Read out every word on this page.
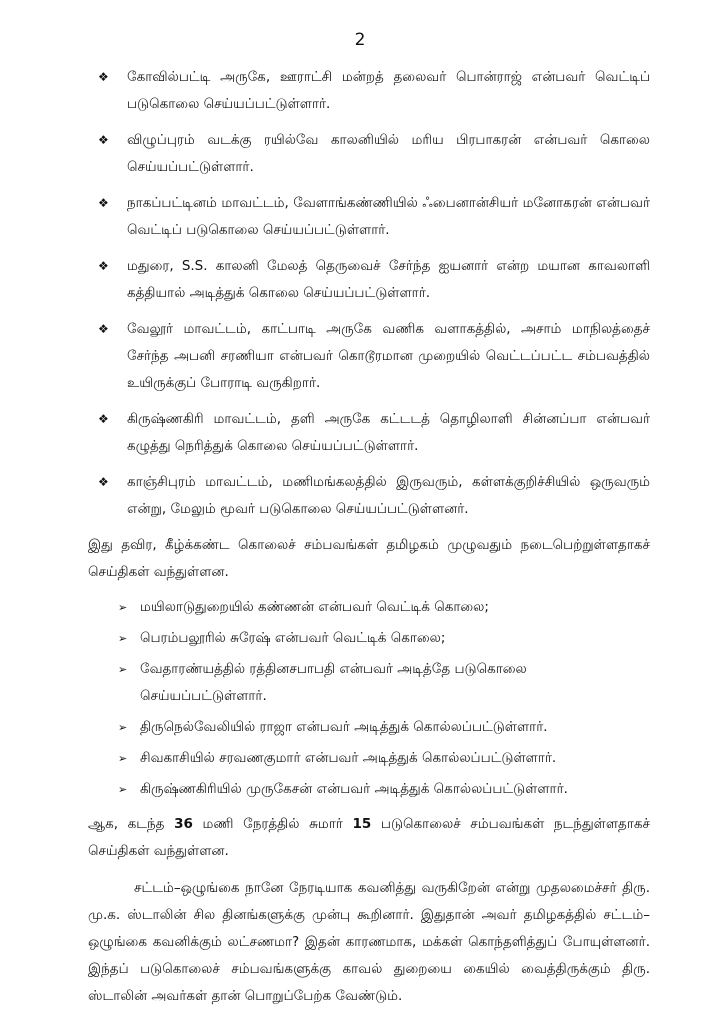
2
❖ கோவில்பட்டி அருகே, ஊராட்சி மன்றத் தலைவர் பொன்ராஜ் என்பவர் வெட்டிப் படுகொலை செய்யப்பட்டுள்ளார்.
❖ விழுப்புரம் வடக்கு ரயில்வே காலனியில் மரிய பிரபாகரன் என்பவர் கொலை செய்யப்பட்டுள்ளார்.
❖ நாகப்பட்டினம் மாவட்டம், வேளாங்கண்ணியில் ஃபைனான்சியர் மனோகரன் என்பவர் வெட்டிப் படுகொலை செய்யப்பட்டுள்ளார்.
❖ மதுரை, S.S. காலனி மேலத் தெருவைச் சேர்ந்த ஐயனார் என்ற மயான காவலாளி கத்தியால் அடித்துக் கொலை செய்யப்பட்டுள்ளார்.
❖ வேலூர் மாவட்டம், காட்பாடி அருகே வணிக வளாகத்தில், அசாம் மாநிலத்தைச் சேர்ந்த அபனி சரணியா என்பவர் கொடூரமான முறையில் வெட்டப்பட்ட சம்பவத்தில் உயிருக்குப் போராடி வருகிறார்.
❖ கிருஷ்ணகிரி மாவட்டம், தளி அருகே கட்டடத் தொழிலாளி சின்னப்பா என்பவர் கழுத்து நெரித்துக் கொலை செய்யப்பட்டுள்ளார்.
❖ காஞ்சிபுரம் மாவட்டம், மணிமங்கலத்தில் இருவரும், கள்ளக்குறிச்சியில் ஒருவரும் என்று, மேலும் மூவர் படுகொலை செய்யப்பட்டுள்ளனர்.

இது தவிர, கீழ்க்கண்ட கொலைச் சம்பவங்கள் தமிழகம் முழுவதும் நடைபெற்றுள்ளதாகச் செய்திகள் வந்துள்ளன.

➢ மயிலாடுதுறையில் கண்ணன் என்பவர் வெட்டிக் கொலை;
➢ பெரம்பலூரில் சுரேஷ் என்பவர் வெட்டிக் கொலை;
➢ வேதாரண்யத்தில் ரத்தினசபாபதி என்பவர் அடித்தே படுகொலை செய்யப்பட்டுள்ளார்.
➢ திருநெல்வேலியில் ராஜா என்பவர் அடித்துக் கொல்லப்பட்டுள்ளார்.
➢ சிவகாசியில் சரவணகுமார் என்பவர் அடித்துக் கொல்லப்பட்டுள்ளார்.
➢ கிருஷ்ணகிரியில் முருகேசன் என்பவர் அடித்துக் கொல்லப்பட்டுள்ளார்.

ஆக, கடந்த 36 மணி நேரத்தில் சுமார் 15 படுகொலைச் சம்பவங்கள் நடந்துள்ளதாகச் செய்திகள் வந்துள்ளன.

சட்டம்–ஒழுங்கை நானே நேரடியாக கவனித்து வருகிறேன் என்று முதலமைச்சர் திரு. மு.க. ஸ்டாலின் சில தினங்களுக்கு முன்பு கூறினார். இதுதான் அவர் தமிழகத்தில் சட்டம்–ஒழுங்கை கவனிக்கும் லட்சணமா? இதன் காரணமாக, மக்கள் கொந்தளித்துப் போயுள்ளனர். இந்தப் படுகொலைச் சம்பவங்களுக்கு காவல் துறையை கையில் வைத்திருக்கும் திரு. ஸ்டாலின் அவர்கள் தான் பொறுப்பேற்க வேண்டும்.
